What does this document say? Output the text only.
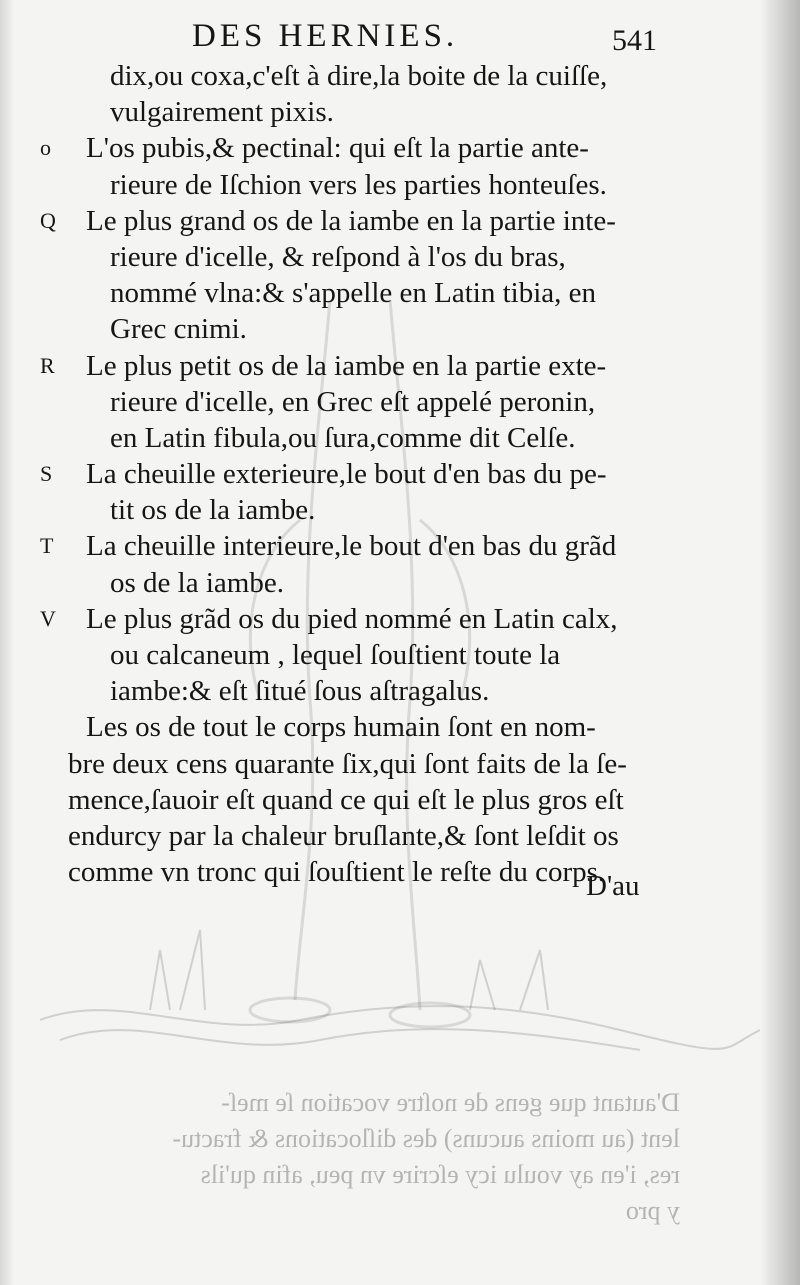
DES HERNIES.	541
dix,ou coxa,c'eſt à dire,la boite de la cuiſſe,
vulgairement pixis.
o	L'os pubis,& pectinal: qui eſt la partie ante-
rieure de Iſchion vers les parties honteuſes.
Q	Le plus grand os de la iambe en la partie inte-
rieure d'icelle, & reſpond à l'os du bras,
nommé vlna:& s'appelle en Latin tibia, en
Grec cnimi.
R	Le plus petit os de la iambe en la partie exte-
rieure d'icelle, en Grec eſt appelé peronin,
en Latin fibula,ou ſura,comme dit Celſe.
S	La cheuille exterieure,le bout d'en bas du pe-
tit os de la iambe.
T	La cheuille interieure,le bout d'en bas du grãd
os de la iambe.
V	Le plus grãd os du pied nommé en Latin calx,
ou calcaneum , lequel ſouſtient toute la
iambe:& eſt ſitué ſous aſtragalus.
Les os de tout le corps humain ſont en nom-
bre deux cens quarante ſix,qui ſont faits de la ſe-
mence,ſauoir eſt quand ce qui eſt le plus gros eſt
endurcy par la chaleur bruſlante,& ſont leſdit os
comme vn tronc qui ſouſtient le reſte du corps.
D'au
D'autant que gens de noſtre vocation ſe meſ-
lent (au moins aucuns) des diſlocations & fractu-
res, i'en ay voulu icy eſcrire vn peu, afin qu'ils
y pro
